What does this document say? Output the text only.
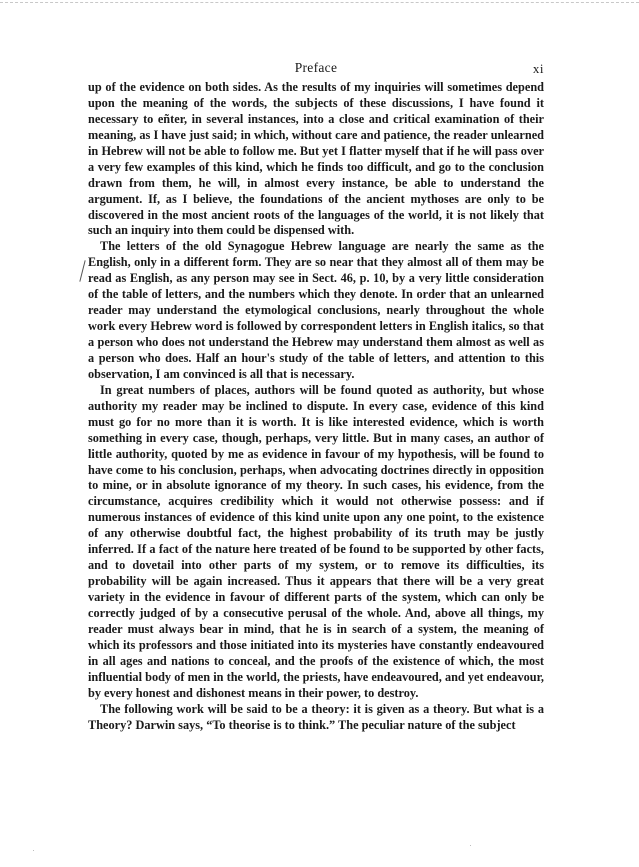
Preface	xi

up of the evidence on both sides. As the results of my inquiries will sometimes depend upon the meaning of the words, the subjects of these discussions, I have found it necessary to eñter, in several instances, into a close and critical examination of their meaning, as I have just said; in which, without care and patience, the reader unlearned in Hebrew will not be able to follow me. But yet I flatter myself that if he will pass over a very few examples of this kind, which he finds too difficult, and go to the conclusion drawn from them, he will, in almost every instance, be able to understand the argument. If, as I believe, the foundations of the ancient mythoses are only to be discovered in the most ancient roots of the languages of the world, it is not likely that such an inquiry into them could be dispensed with.

The letters of the old Synagogue Hebrew language are nearly the same as the English, only in a different form. They are so near that they almost all of them may be read as English, as any person may see in Sect. 46, p. 10, by a very little consideration of the table of letters, and the numbers which they denote. In order that an unlearned reader may understand the etymological conclusions, nearly throughout the whole work every Hebrew word is followed by correspondent letters in English italics, so that a person who does not understand the Hebrew may understand them almost as well as a person who does. Half an hour's study of the table of letters, and attention to this observation, I am convinced is all that is necessary.

In great numbers of places, authors will be found quoted as authority, but whose authority my reader may be inclined to dispute. In every case, evidence of this kind must go for no more than it is worth. It is like interested evidence, which is worth something in every case, though, perhaps, very little. But in many cases, an author of little authority, quoted by me as evidence in favour of my hypothesis, will be found to have come to his conclusion, perhaps, when advocating doctrines directly in opposition to mine, or in absolute ignorance of my theory. In such cases, his evidence, from the circumstance, acquires credibility which it would not otherwise possess: and if numerous instances of evidence of this kind unite upon any one point, to the existence of any otherwise doubtful fact, the highest probability of its truth may be justly inferred. If a fact of the nature here treated of be found to be supported by other facts, and to dovetail into other parts of my system, or to remove its difficulties, its probability will be again increased. Thus it appears that there will be a very great variety in the evidence in favour of different parts of the system, which can only be correctly judged of by a consecutive perusal of the whole. And, above all things, my reader must always bear in mind, that he is in search of a system, the meaning of which its professors and those initiated into its mysteries have constantly endeavoured in all ages and nations to conceal, and the proofs of the existence of which, the most influential body of men in the world, the priests, have endeavoured, and yet endeavour, by every honest and dishonest means in their power, to destroy.

The following work will be said to be a theory: it is given as a theory. But what is a Theory? Darwin says, “To theorise is to think.” The peculiar nature of the subject
